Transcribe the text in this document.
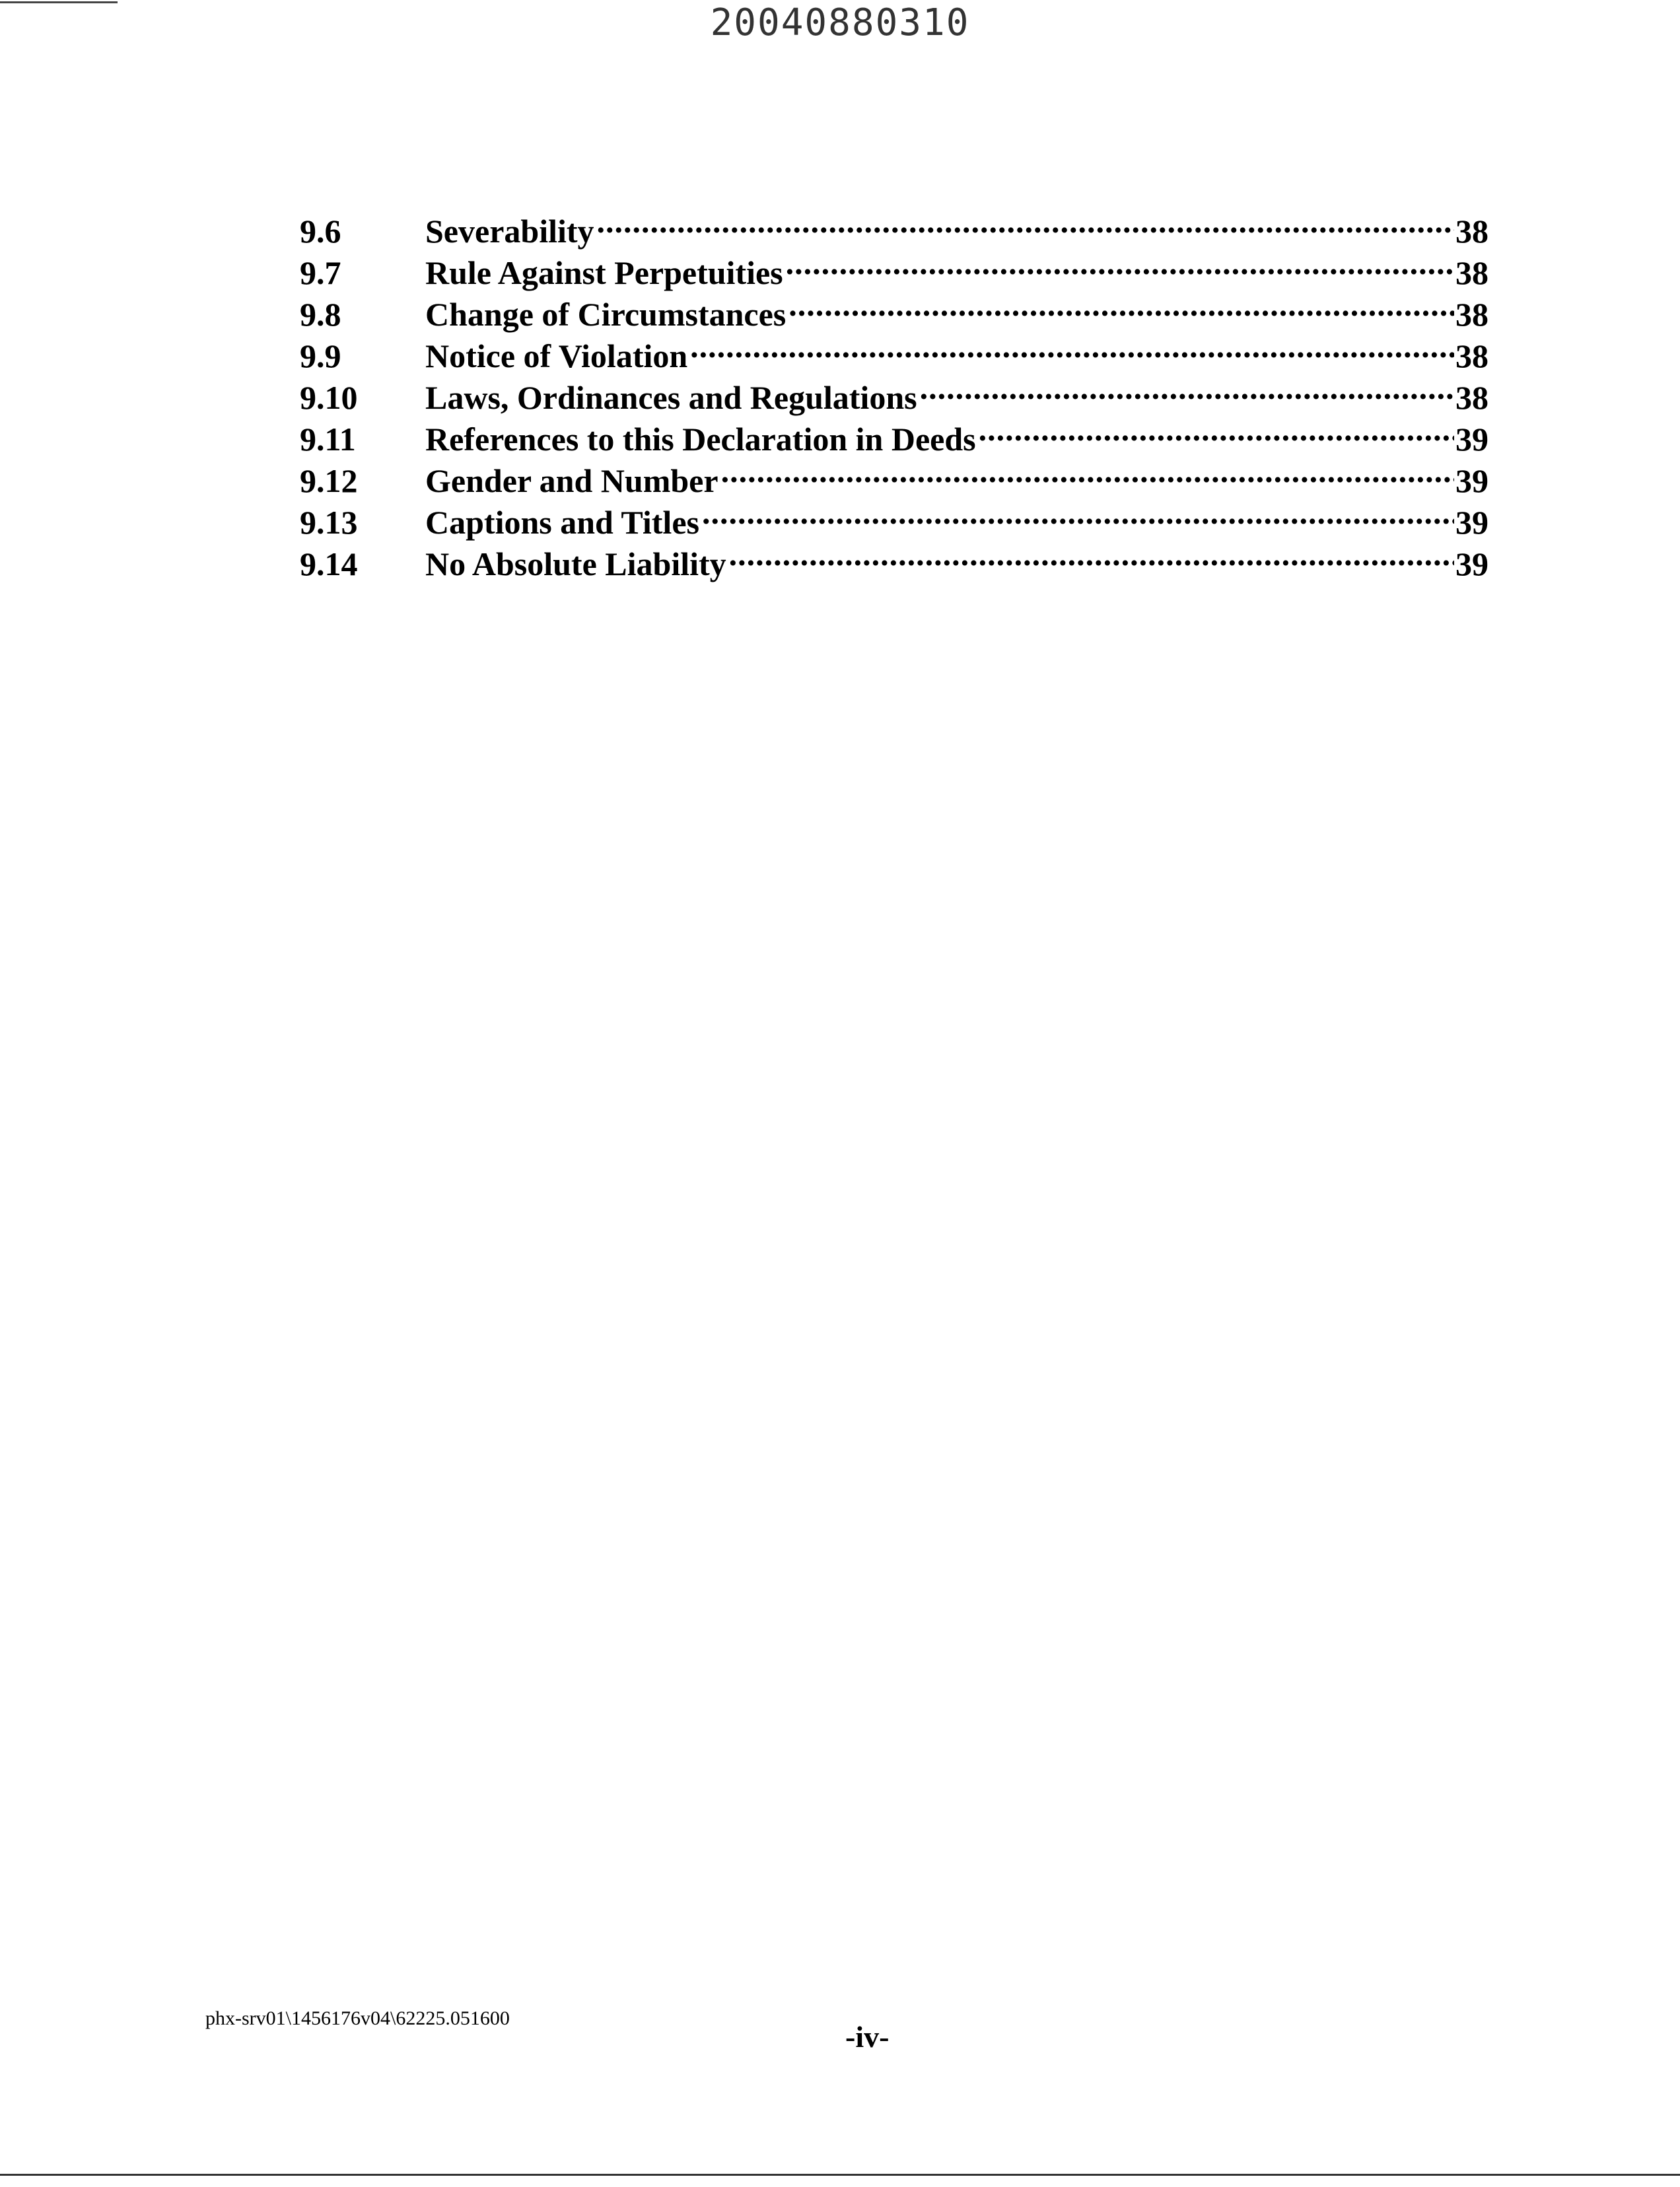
20040880310
9.6	Severability .....	38
9.7	Rule Against Perpetuities .....	38
9.8	Change of Circumstances .....	38
9.9	Notice of Violation .....	38
9.10	Laws, Ordinances and Regulations .....	38
9.11	References to this Declaration in Deeds .....	39
9.12	Gender and Number .....	39
9.13	Captions and Titles .....	39
9.14	No Absolute Liability .....	39
phx-srv01\1456176v04\62225.051600
-iv-
